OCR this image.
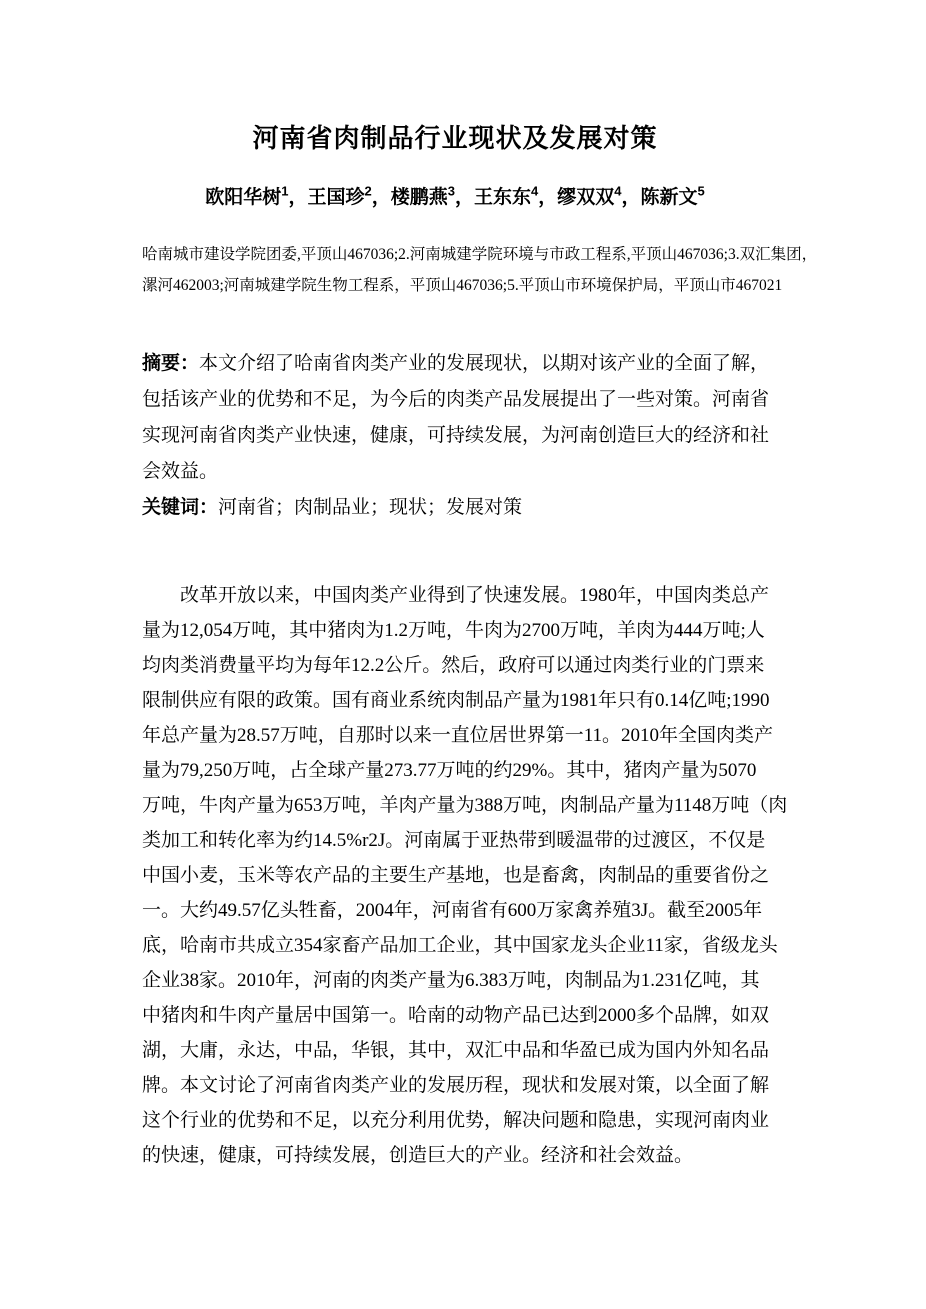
河南省肉制品行业现状及发展对策
欧阳华树$^1$，王国珍$^2$，楼鹏燕$^3$，王东东$^4$，缪双双$^4$，陈新文$^5$
哈南城市建设学院团委,平顶山467036;2.河南城建学院环境与市政工程系,平顶山467036;3.双汇集团，
漯河462003;河南城建学院生物工程系，平顶山467036;5.平顶山市环境保护局，平顶山市467021
摘要：本文介绍了哈南省肉类产业的发展现状，以期对该产业的全面了解，
包括该产业的优势和不足，为今后的肉类产品发展提出了一些对策。河南省
实现河南省肉类产业快速，健康，可持续发展，为河南创造巨大的经济和社
会效益。
关键词：河南省；肉制品业；现状；发展对策
改革开放以来，中国肉类产业得到了快速发展。1980年，中国肉类总产
量为12,054万吨，其中猪肉为1.2万吨，牛肉为2700万吨，羊肉为444万吨;人
均肉类消费量平均为每年12.2公斤。然后，政府可以通过肉类行业的门票来
限制供应有限的政策。国有商业系统肉制品产量为1981年只有0.14亿吨;1990
年总产量为28.57万吨，自那时以来一直位居世界第一11。2010年全国肉类产
量为79,250万吨，占全球产量273.77万吨的约29%。其中，猪肉产量为5070
万吨，牛肉产量为653万吨，羊肉产量为388万吨，肉制品产量为1148万吨（肉
类加工和转化率为约14.5%r2J。河南属于亚热带到暖温带的过渡区，不仅是
中国小麦，玉米等农产品的主要生产基地，也是畜禽，肉制品的重要省份之
一。大约49.57亿头牲畜，2004年，河南省有600万家禽养殖3J。截至2005年
底，哈南市共成立354家畜产品加工企业，其中国家龙头企业11家，省级龙头
企业38家。2010年，河南的肉类产量为6.383万吨，肉制品为1.231亿吨，其
中猪肉和牛肉产量居中国第一。哈南的动物产品已达到2000多个品牌，如双
湖，大庸，永达，中品，华银，其中，双汇中品和华盈已成为国内外知名品
牌。本文讨论了河南省肉类产业的发展历程，现状和发展对策，以全面了解
这个行业的优势和不足，以充分利用优势，解决问题和隐患，实现河南肉业
的快速，健康，可持续发展，创造巨大的产业。经济和社会效益。
